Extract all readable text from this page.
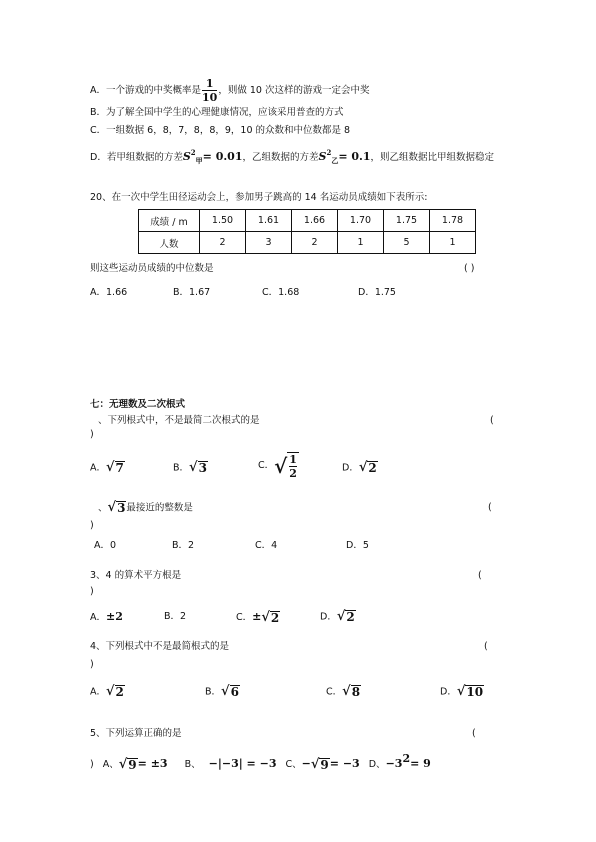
A．一个游戏的中奖概率是 $\frac{1}{10}$ ，则做 10 次这样的游戏一定会中奖
B．为了解全国中学生的心理健康情况，应该采用普查的方式
C．一组数据 6，8，7，8，8，9，10 的众数和中位数都是 8
D．若甲组数据的方差$S^2_甲= 0.01$，乙组数据的方差$S^2_乙= 0.1$，则乙组数据比甲组数据稳定
20、在一次中学生田径运动会上，参加男子跳高的 14 名运动员成绩如下表所示:
成绩 / m	1.50	1.61	1.66	1.70	1.75	1.78
人数	2	3	2	1	5	1
则这些运动员成绩的中位数是	( )
A．1.66	B．1.67	C．1.68	D．1.75
七：无理数及二次根式
、下列根式中，不是最简二次根式的是	(
)
A． √ 7	B． √ 3	C． √ $\frac{1}{2}$	D． √ 2
、 √ 3 最接近的整数是	(
)
A．0	B．2	C．4	D．5
3、4 的算术平方根是	(
)
A．±2	B．2	C．± √ 2	D． √ 2
4、下列根式中不是最简根式的是	(
)
A． √ 2	B． √ 6	C． √ 8	D． √ 10
5、下列运算正确的是	(
) A、 √ 9 = ±3 B、 −|−3| = −3 C、− √ 9 = −3 D、−32= 9
